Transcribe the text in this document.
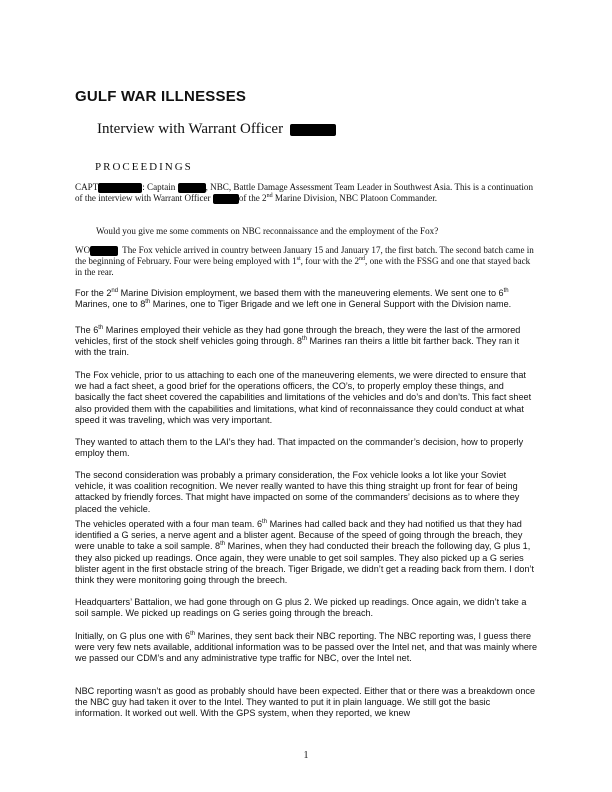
GULF WAR ILLNESSES
Interview with Warrant Officer
PROCEEDINGS

CAPT	: Captain	, NBC, Battle Damage Assessment Team Leader in Southwest Asia. This is a continuation of the interview with Warrant Officer	of the 2nd Marine Division, NBC Platoon Commander.

Would you give me some comments on NBC reconnaissance and the employment of the Fox?

WO	The Fox vehicle arrived in country between January 15 and January 17, the first batch. The second batch came in the beginning of February. Four were being employed with 1st, four with the 2nd, one with the FSSG and one that stayed back in the rear.

For the 2nd Marine Division employment, we based them with the maneuvering elements. We sent one to 6th Marines, one to 8th Marines, one to Tiger Brigade and we left one in General Support with the Division name.

The 6th Marines employed their vehicle as they had gone through the breach, they were the last of the armored vehicles, first of the stock shelf vehicles going through. 8th Marines ran theirs a little bit farther back. They ran it with the train.

The Fox vehicle, prior to us attaching to each one of the maneuvering elements, we were directed to ensure that we had a fact sheet, a good brief for the operations officers, the CO’s, to properly employ these things, and basically the fact sheet covered the capabilities and limitations of the vehicles and do’s and don’ts. This fact sheet also provided them with the capabilities and limitations, what kind of reconnaissance they could conduct at what speed it was traveling, which was very important.

They wanted to attach them to the LAI’s they had. That impacted on the commander’s decision, how to properly employ them.

The second consideration was probably a primary consideration, the Fox vehicle looks a lot like your Soviet vehicle, it was coalition recognition. We never really wanted to have this thing straight up front for fear of being attacked by friendly forces. That might have impacted on some of the commanders’ decisions as to where they placed the vehicle.

The vehicles operated with a four man team. 6th Marines had called back and they had notified us that they had identified a G series, a nerve agent and a blister agent. Because of the speed of going through the breach, they were unable to take a soil sample. 8th Marines, when they had conducted their breach the following day, G plus 1, they also picked up readings. Once again, they were unable to get soil samples. They also picked up a G series blister agent in the first obstacle string of the breach. Tiger Brigade, we didn’t get a reading back from them. I don’t think they were monitoring going through the breech.

Headquarters’ Battalion, we had gone through on G plus 2. We picked up readings. Once again, we didn’t take a soil sample. We picked up readings on G series going through the breach.

Initially, on G plus one with 6th Marines, they sent back their NBC reporting. The NBC reporting was, I guess there were very few nets available, additional information was to be passed over the Intel net, and that was mainly where we passed our CDM’s and any administrative type traffic for NBC, over the Intel net.

NBC reporting wasn’t as good as probably should have been expected. Either that or there was a breakdown once the NBC guy had taken it over to the Intel. They wanted to put it in plain language. We still got the basic information. It worked out well. With the GPS system, when they reported, we knew

1
